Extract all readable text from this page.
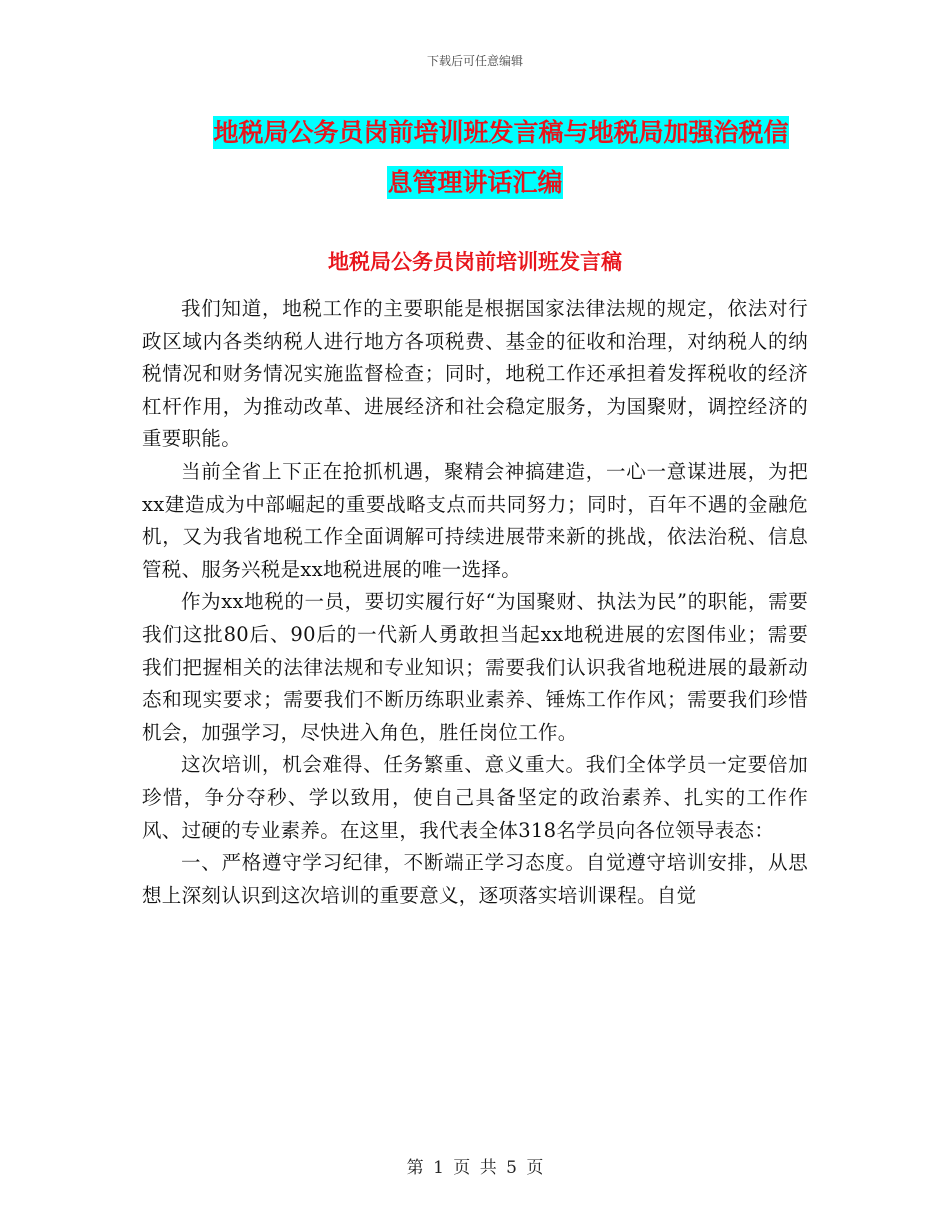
下载后可任意编辑
地税局公务员岗前培训班发言稿与地税局加强治税信
息管理讲话汇编
地税局公务员岗前培训班发言稿

我们知道，地税工作的主要职能是根据国家法律法规的规定，依法对行政区域内各类纳税人进行地方各项税费、基金的征收和治理，对纳税人的纳税情况和财务情况实施监督检查；同时，地税工作还承担着发挥税收的经济杠杆作用，为推动改革、进展经济和社会稳定服务，为国聚财，调控经济的重要职能。

当前全省上下正在抢抓机遇，聚精会神搞建造，一心一意谋进展，为把xx建造成为中部崛起的重要战略支点而共同努力；同时，百年不遇的金融危机，又为我省地税工作全面调解可持续进展带来新的挑战，依法治税、信息管税、服务兴税是xx地税进展的唯一选择。

作为xx地税的一员，要切实履行好“为国聚财、执法为民”的职能，需要我们这批80后、90后的一代新人勇敢担当起xx地税进展的宏图伟业；需要我们把握相关的法律法规和专业知识；需要我们认识我省地税进展的最新动态和现实要求；需要我们不断历练职业素养、锤炼工作作风；需要我们珍惜机会，加强学习，尽快进入角色，胜任岗位工作。

这次培训，机会难得、任务繁重、意义重大。我们全体学员一定要倍加珍惜，争分夺秒、学以致用，使自己具备坚定的政治素养、扎实的工作作风、过硬的专业素养。在这里，我代表全体318名学员向各位领导表态：

一、严格遵守学习纪律，不断端正学习态度。自觉遵守培训安排，从思想上深刻认识到这次培训的重要意义，逐项落实培训课程。自觉

第 1 页 共 5 页
